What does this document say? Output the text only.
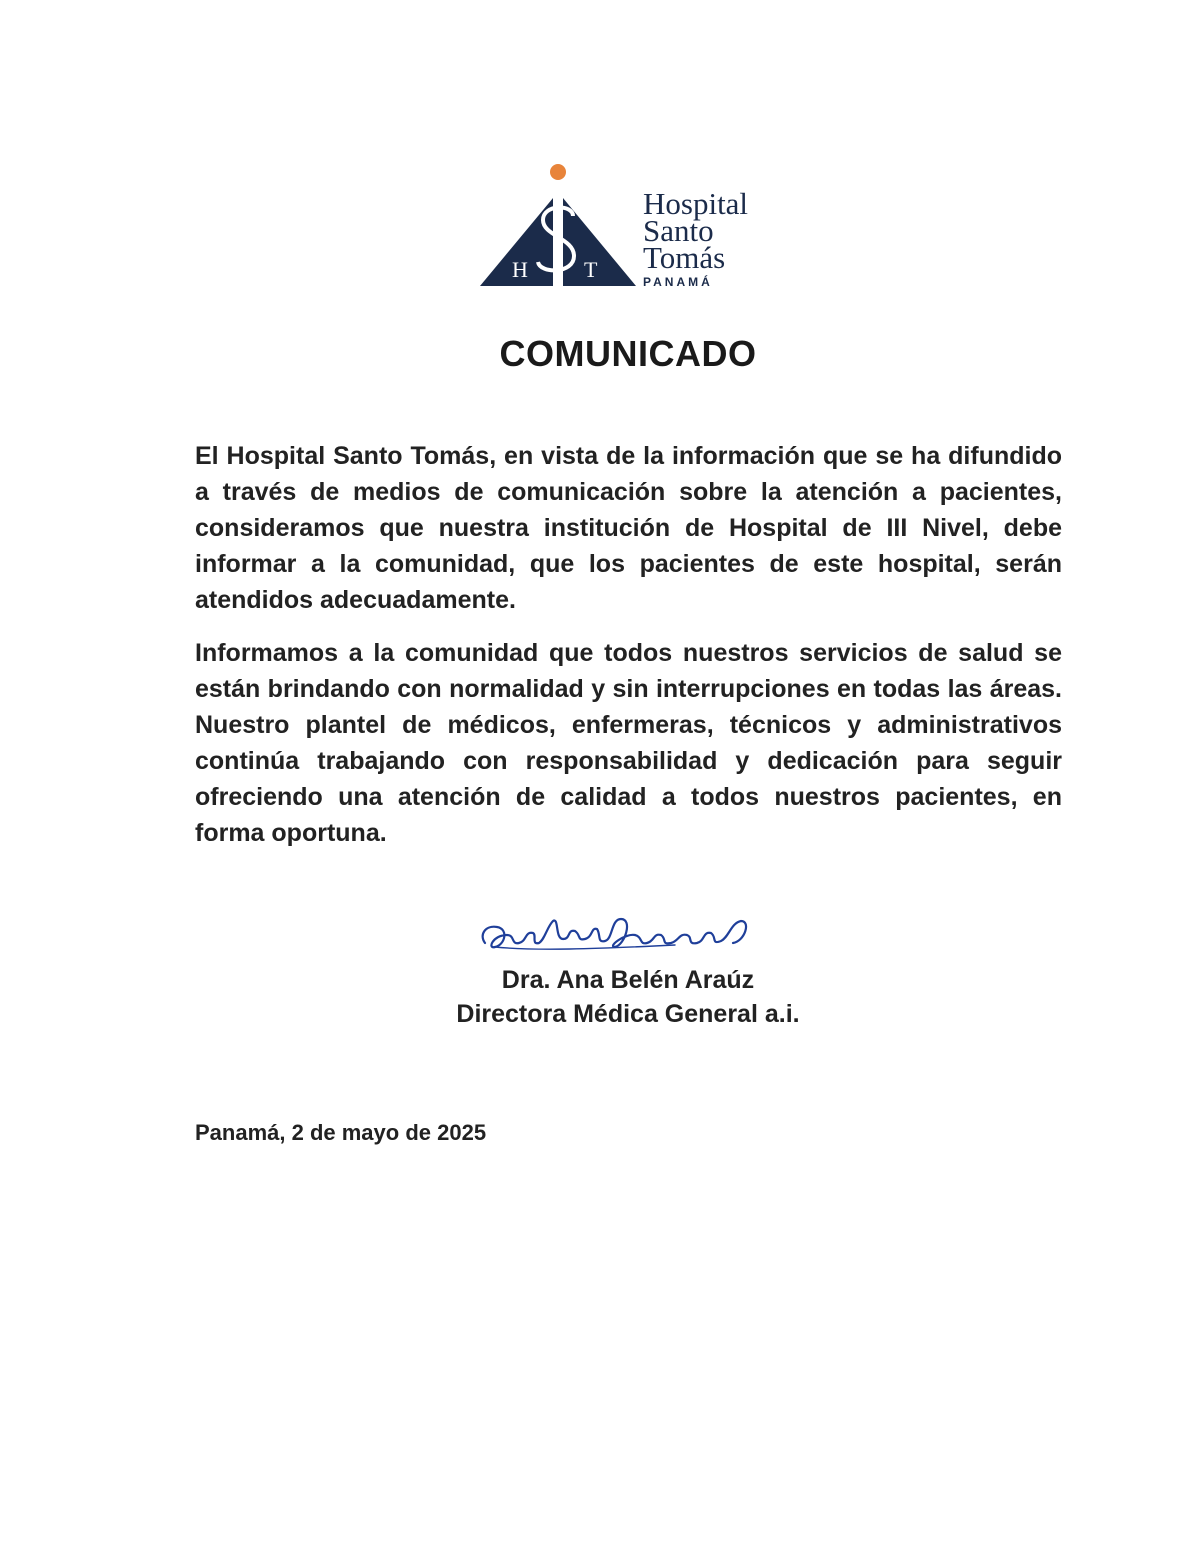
H	T
Hospital
Santo
Tomás
PANAMÁ
COMUNICADO
El Hospital Santo Tomás, en vista de la información que se ha difundido a través de medios de comunicación sobre la atención a pacientes, consideramos que nuestra institución de Hospital de III Nivel, debe informar a la comunidad, que los pacientes de este hospital, serán atendidos adecuadamente.
Informamos a la comunidad que todos nuestros servicios de salud se están brindando con normalidad y sin interrupciones en todas las áreas. Nuestro plantel de médicos, enfermeras, técnicos y administrativos continúa trabajando con responsabilidad y dedicación para seguir ofreciendo una atención de calidad a todos nuestros pacientes, en forma oportuna.
Dra. Ana Belén Araúz
Directora Médica General a.i.
Panamá, 2 de mayo de 2025
